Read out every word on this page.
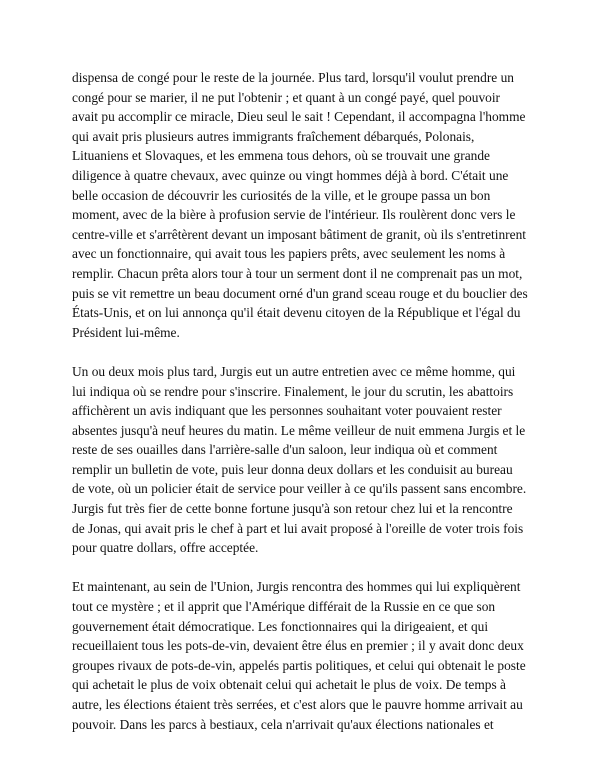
dispensa de congé pour le reste de la journée. Plus tard, lorsqu'il voulut prendre un congé pour se marier, il ne put l'obtenir ; et quant à un congé payé, quel pouvoir avait pu accomplir ce miracle, Dieu seul le sait ! Cependant, il accompagna l'homme qui avait pris plusieurs autres immigrants fraîchement débarqués, Polonais, Lituaniens et Slovaques, et les emmena tous dehors, où se trouvait une grande diligence à quatre chevaux, avec quinze ou vingt hommes déjà à bord. C'était une belle occasion de découvrir les curiosités de la ville, et le groupe passa un bon moment, avec de la bière à profusion servie de l'intérieur. Ils roulèrent donc vers le centre-ville et s'arrêtèrent devant un imposant bâtiment de granit, où ils s'entretinrent avec un fonctionnaire, qui avait tous les papiers prêts, avec seulement les noms à remplir. Chacun prêta alors tour à tour un serment dont il ne comprenait pas un mot, puis se vit remettre un beau document orné d'un grand sceau rouge et du bouclier des États-Unis, et on lui annonça qu'il était devenu citoyen de la République et l'égal du Président lui-même.

Un ou deux mois plus tard, Jurgis eut un autre entretien avec ce même homme, qui lui indiqua où se rendre pour s'inscrire. Finalement, le jour du scrutin, les abattoirs affichèrent un avis indiquant que les personnes souhaitant voter pouvaient rester absentes jusqu'à neuf heures du matin. Le même veilleur de nuit emmena Jurgis et le reste de ses ouailles dans l'arrière-salle d'un saloon, leur indiqua où et comment remplir un bulletin de vote, puis leur donna deux dollars et les conduisit au bureau de vote, où un policier était de service pour veiller à ce qu'ils passent sans encombre. Jurgis fut très fier de cette bonne fortune jusqu'à son retour chez lui et la rencontre de Jonas, qui avait pris le chef à part et lui avait proposé à l'oreille de voter trois fois pour quatre dollars, offre acceptée.

Et maintenant, au sein de l'Union, Jurgis rencontra des hommes qui lui expliquèrent tout ce mystère ; et il apprit que l'Amérique différait de la Russie en ce que son gouvernement était démocratique. Les fonctionnaires qui la dirigeaient, et qui recueillaient tous les pots-de-vin, devaient être élus en premier ; il y avait donc deux groupes rivaux de pots-de-vin, appelés partis politiques, et celui qui obtenait le poste qui achetait le plus de voix obtenait celui qui achetait le plus de voix. De temps à autre, les élections étaient très serrées, et c'est alors que le pauvre homme arrivait au pouvoir. Dans les parcs à bestiaux, cela n'arrivait qu'aux élections nationales et
